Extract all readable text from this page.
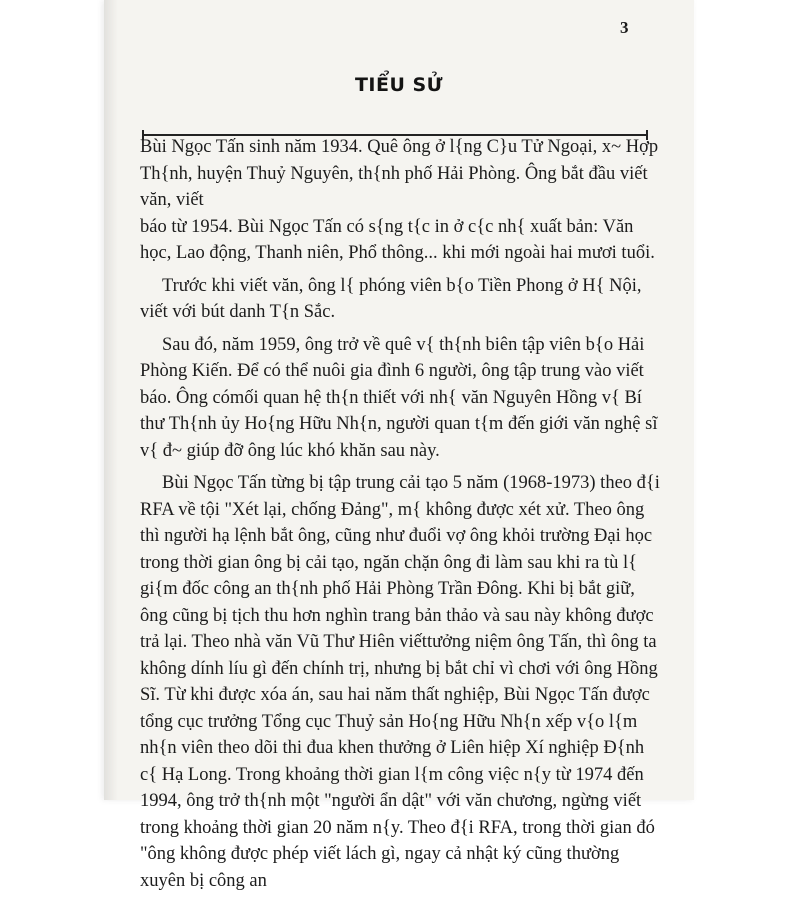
3
TIỂU SỬ

Bùi Ngọc Tấn sinh năm 1934. Quê ông ở l{ng C}u Tử Ngoại, x~ Hợp Th{nh, huyện Thuỷ Nguyên, th{nh phố Hải Phòng. Ông bắt đầu viết văn, viết

báo từ 1954. Bùi Ngọc Tấn có s{ng t{c in ở c{c nh{ xuất bản: Văn học, Lao động, Thanh niên, Phổ thông... khi mới ngoài hai mươi tuổi.

Trước khi viết văn, ông l{ phóng viên b{o Tiền Phong ở H{ Nội, viết với bút danh T{n Sắc.

Sau đó, năm 1959, ông trở về quê v{ th{nh biên tập viên b{o Hải Phòng Kiến. Để có thể nuôi gia đình 6 người, ông tập trung vào viết báo. Ông cómối quan hệ th{n thiết với nh{ văn Nguyên Hồng v{ Bí thư Th{nh ủy Ho{ng Hữu Nh{n, người quan t{m đến giới văn nghệ sĩ v{ đ~ giúp đỡ ông lúc khó khăn sau này.

Bùi Ngọc Tấn từng bị tập trung cải tạo 5 năm (1968-1973) theo đ{i RFA về tội "Xét lại, chống Đảng", m{ không được xét xử. Theo ông thì người hạ lệnh bắt ông, cũng như đuổi vợ ông khỏi trường Đại học trong thời gian ông bị cải tạo, ngăn chặn ông đi làm sau khi ra tù l{ gi{m đốc công an th{nh phố Hải Phòng Trần Đông. Khi bị bắt giữ, ông cũng bị tịch thu hơn nghìn trang bản thảo và sau này không được trả lại. Theo nhà văn Vũ Thư Hiên viếttưởng niệm ông Tấn, thì ông ta không dính líu gì đến chính trị, nhưng bị bắt chỉ vì chơi với ông Hồng Sĩ. Từ khi được xóa án, sau hai năm thất nghiệp, Bùi Ngọc Tấn được tổng cục trưởng Tổng cục Thuỷ sản Ho{ng Hữu Nh{n xếp v{o l{m nh{n viên theo dõi thi đua khen thưởng ở Liên hiệp Xí nghiệp Đ{nh c{ Hạ Long. Trong khoảng thời gian l{m công việc n{y từ 1974 đến 1994, ông trở th{nh một "người ẩn dật" với văn chương, ngừng viết trong khoảng thời gian 20 năm n{y. Theo đ{i RFA, trong thời gian đó "ông không được phép viết lách gì, ngay cả nhật ký cũng thường xuyên bị công an
